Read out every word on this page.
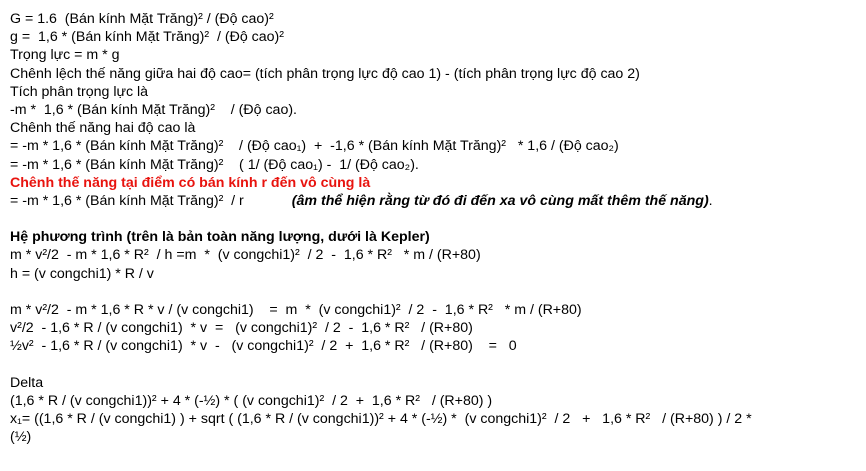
G = 1.6  (Bán kính Mặt Trăng)² / (Độ cao)²
g =  1,6 * (Bán kính Mặt Trăng)²  / (Độ cao)²
Trọng lực = m * g
Chênh lệch thế năng giữa hai độ cao= (tích phân trọng lực độ cao 1) - (tích phân trọng lực độ cao 2)
Tích phân trọng lực là
-m *  1,6 * (Bán kính Mặt Trăng)²    / (Độ cao).
Chênh thế năng hai độ cao là
= -m * 1,6 * (Bán kính Mặt Trăng)²    / (Độ cao₁)  +  -1,6 * (Bán kính Mặt Trăng)²   * 1,6 / (Độ cao₂)
= -m * 1,6 * (Bán kính Mặt Trăng)²    ( 1/ (Độ cao₁) -  1/ (Độ cao₂).
Chênh thế năng tại điểm có bán kính r đến vô cùng là
= -m * 1,6 * (Bán kính Mặt Trăng)²  / r	(âm thể hiện rằng từ đó đi đến xa vô cùng mất thêm thế năng).
Hệ phương trình (trên là bản toàn năng lượng, dưới là Kepler)
m * v²/2  - m * 1,6 * R²  / h =m  *  (v congchi1)²  / 2  -  1,6 * R²   * m / (R+80)
h = (v congchi1) * R / v
m * v²/2  - m * 1,6 * R * v / (v congchi1)    =  m  *  (v congchi1)²  / 2  -  1,6 * R²   * m / (R+80)
v²/2  - 1,6 * R / (v congchi1)  * v  =   (v congchi1)²  / 2  -  1,6 * R²   / (R+80)
½v²  - 1,6 * R / (v congchi1)  * v  -   (v congchi1)²  / 2  +  1,6 * R²   / (R+80)    =   0
Delta
(1,6 * R / (v congchi1))² + 4 * (-½) * ( (v congchi1)²  / 2  +  1,6 * R²   / (R+80) )
x₁= ((1,6 * R / (v congchi1) ) + sqrt ( (1,6 * R / (v congchi1))² + 4 * (-½) *  (v congchi1)²  / 2   +   1,6 * R²   / (R+80) ) / 2 *
(½)
